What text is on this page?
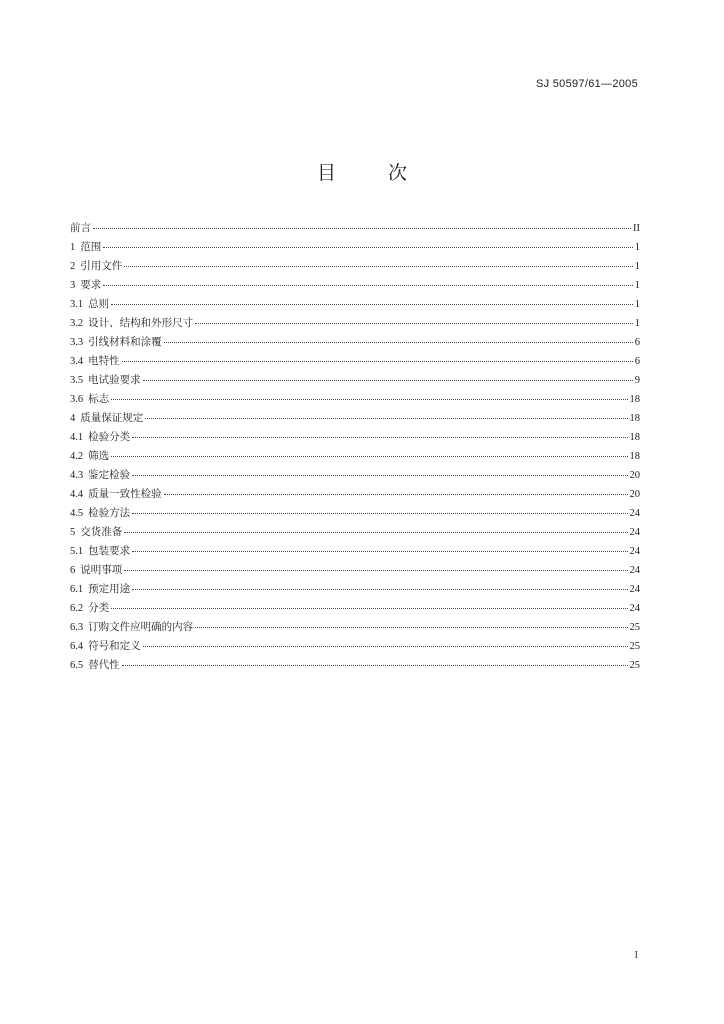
SJ 50597/61—2005
目	次
前言	II
1 范围	1
2 引用文件	1
3 要求	1
3.1 总则	1
3.2 设计、结构和外形尺寸	1
3.3 引线材料和涂覆	6
3.4 电特性	6
3.5 电试验要求	9
3.6 标志	18
4 质量保证规定	18
4.1 检验分类	18
4.2 筛选	18
4.3 鉴定检验	20
4.4 质量一致性检验	20
4.5 检验方法	24
5 交货准备	24
5.1 包装要求	24
6 说明事项	24
6.1 预定用途	24
6.2 分类	24
6.3 订购文件应明确的内容	25
6.4 符号和定义	25
6.5 替代性	25
I
